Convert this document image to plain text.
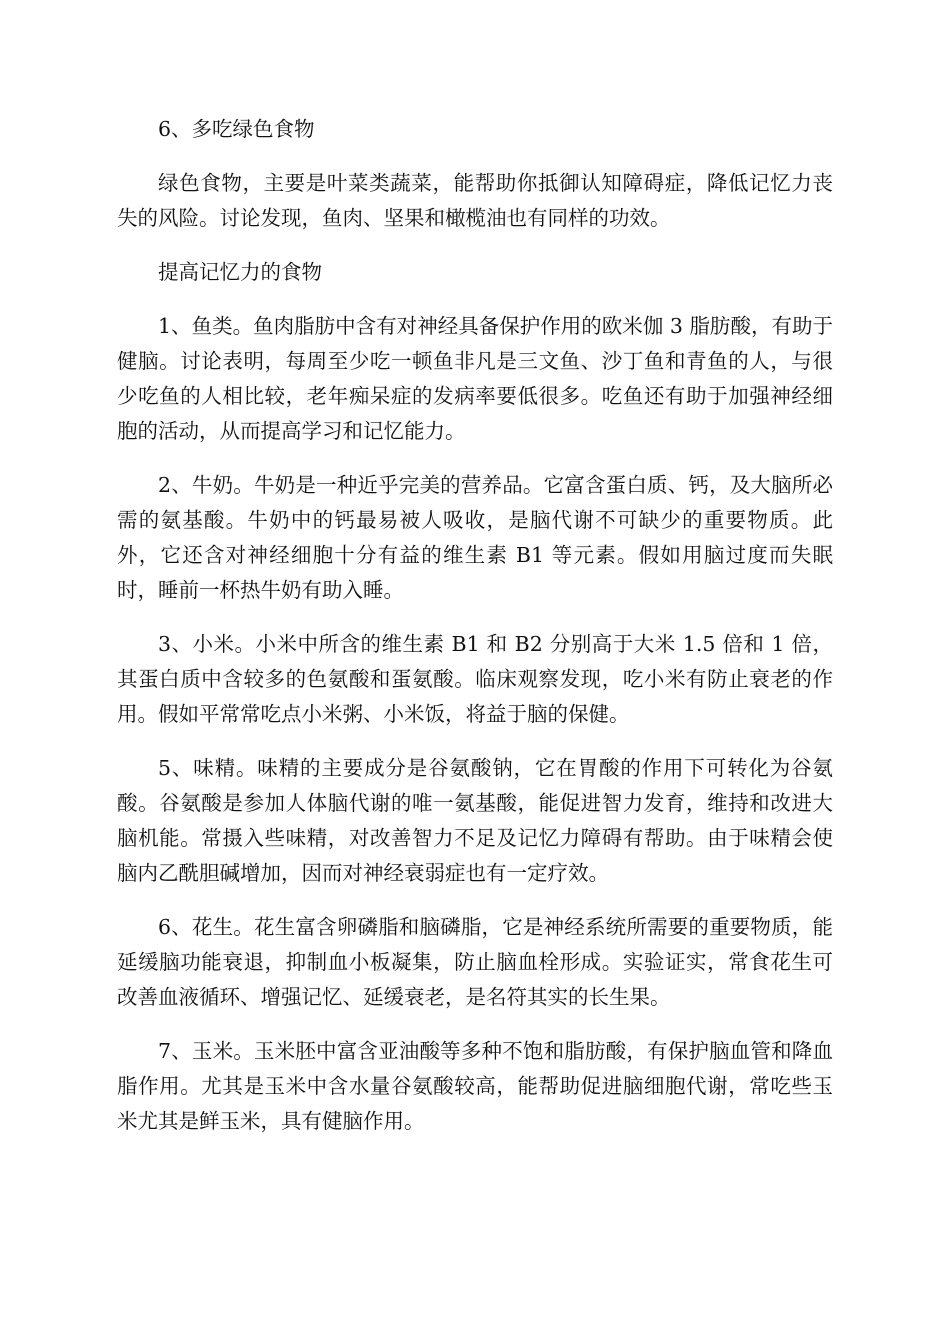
6、多吃绿色食物

绿色食物，主要是叶菜类蔬菜，能帮助你抵御认知障碍症，降低记忆力丧失的风险。讨论发现，鱼肉、坚果和橄榄油也有同样的功效。

提高记忆力的食物

1、鱼类。鱼肉脂肪中含有对神经具备保护作用的欧米伽 3 脂肪酸，有助于健脑。讨论表明，每周至少吃一顿鱼非凡是三文鱼、沙丁鱼和青鱼的人，与很少吃鱼的人相比较，老年痴呆症的发病率要低很多。吃鱼还有助于加强神经细胞的活动，从而提高学习和记忆能力。

2、牛奶。牛奶是一种近乎完美的营养品。它富含蛋白质、钙，及大脑所必需的氨基酸。牛奶中的钙最易被人吸收，是脑代谢不可缺少的重要物质。此外，它还含对神经细胞十分有益的维生素 B1 等元素。假如用脑过度而失眠时，睡前一杯热牛奶有助入睡。

3、小米。小米中所含的维生素 B1 和 B2 分别高于大米 1.5 倍和 1 倍，其蛋白质中含较多的色氨酸和蛋氨酸。临床观察发现，吃小米有防止衰老的作用。假如平常常吃点小米粥、小米饭，将益于脑的保健。

5、味精。味精的主要成分是谷氨酸钠，它在胃酸的作用下可转化为谷氨酸。谷氨酸是参加人体脑代谢的唯一氨基酸，能促进智力发育，维持和改进大脑机能。常摄入些味精，对改善智力不足及记忆力障碍有帮助。由于味精会使脑内乙酰胆碱增加，因而对神经衰弱症也有一定疗效。

6、花生。花生富含卵磷脂和脑磷脂，它是神经系统所需要的重要物质，能延缓脑功能衰退，抑制血小板凝集，防止脑血栓形成。实验证实，常食花生可改善血液循环、增强记忆、延缓衰老，是名符其实的长生果。

7、玉米。玉米胚中富含亚油酸等多种不饱和脂肪酸，有保护脑血管和降血脂作用。尤其是玉米中含水量谷氨酸较高，能帮助促进脑细胞代谢，常吃些玉米尤其是鲜玉米，具有健脑作用。
